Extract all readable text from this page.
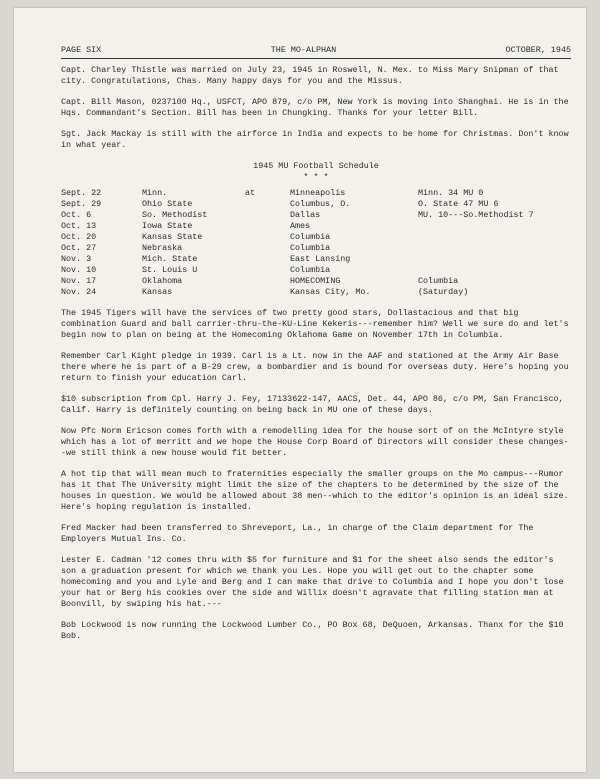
PAGE SIX	THE MO-ALPHAN	OCTOBER, 1945

Capt. Charley Thistle was married on July 23, 1945 in Roswell, N. Mex. to Miss Mary Snipman of that city. Congratulations, Chas. Many happy days for you and the Missus.

Capt. Bill Mason, 0237100 Hq., USFCT, APO 879, c/o PM, New York is moving into Shanghai. He is in the Hqs. Commandant's Section. Bill has been in Chungking. Thanks for your letter Bill.

Sgt. Jack Mackay is still with the airforce in India and expects to be home for Christmas. Don't know in what year.

1945 MU Football Schedule
* * *
Sept. 22	Minn.	at	Minneapolis	Minn. 34 MU 0
Sept. 29	Ohio State		Columbus, O.	O. State 47 MU 6
Oct. 6	So. Methodist		Dallas	MU. 10---So.Methodist 7
Oct. 13	Iowa State		Ames	
Oct. 20	Kansas State		Columbia	
Oct. 27	Nebraska		Columbia	
Nov. 3	Mich. State		East Lansing	
Nov. 10	St. Louis U		Columbia	
Nov. 17	Oklahoma		HOMECOMING	Columbia
Nov. 24	Kansas		Kansas City, Mo.	(Saturday)

The 1945 Tigers will have the services of two pretty good stars, Dollastacious and that big combination Guard and ball carrier-thru-the-KU-Line Kekeris---remember him? Well we sure do and let's begin now to plan on being at the Homecoming Oklahoma Game on November 17th in Columbia.

Remember Carl Kight pledge in 1939. Carl is a Lt. now in the AAF and stationed at the Army Air Base there where he is part of a B-29 crew, a bombardier and is bound for overseas duty. Here's hoping you return to finish your education Carl.

$10 subscription from Cpl. Harry J. Fey, 17133622-147, AACS, Det. 44, APO 86, c/o PM, San Francisco, Calif. Harry is definitely counting on being back in MU one of these days.

Now Pfc Norm Ericson comes forth with a remodelling idea for the house sort of on the McIntyre style which has a lot of merritt and we hope the House Corp Board of Directors will consider these changes--we still think a new house would fit better.

A hot tip that will mean much to fraternities especially the smaller groups on the Mo campus---Rumor has it that The University might limit the size of the chapters to be determined by the size of the houses in question. We would be allowed about 38 men--which to the editor's opinion is an ideal size. Here's hoping regulation is installed.

Fred Macker had been transferred to Shreveport, La., in charge of the Claim department for The Employers Mutual Ins. Co.

Lester E. Cadman '12 comes thru with $5 for furniture and $1 for the sheet also sends the editor's son a graduation present for which we thank you Les. Hope you will get out to the chapter some homecoming and you and Lyle and Berg and I can make that drive to Columbia and I hope you don't lose your hat or Berg his cookies over the side and Willix doesn't agravate that filling station man at Boonvill, by swiping his hat.---

Bob Lockwood is now running the Lockwood Lumber Co., PO Box 68, DeQuoen, Arkansas. Thanx for the $10 Bob.
